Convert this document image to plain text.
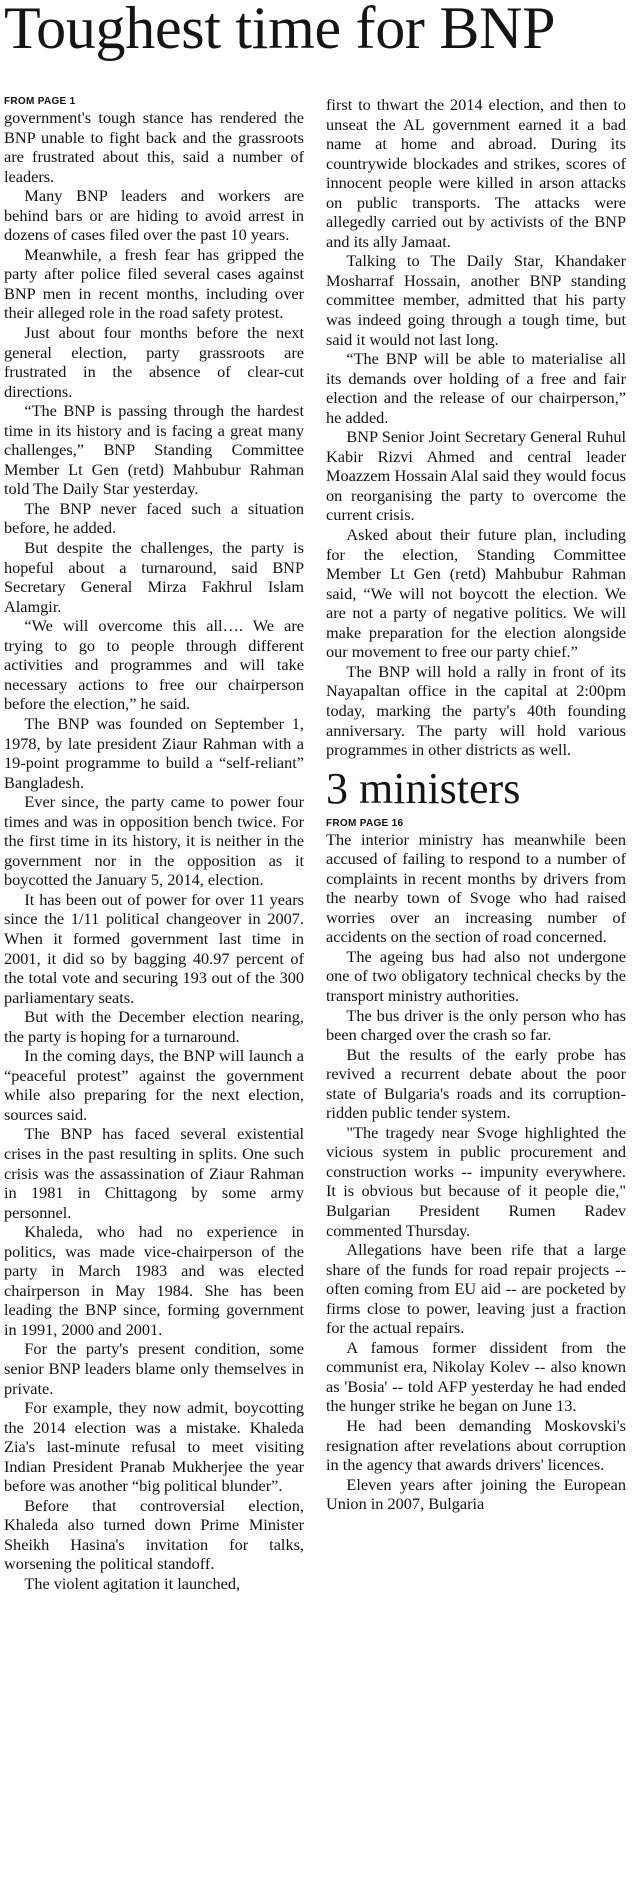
Toughest time for BNP
FROM PAGE 1

government's tough stance has rendered the BNP unable to fight back and the grassroots are frustrated about this, said a number of leaders.

Many BNP leaders and workers are behind bars or are hiding to avoid arrest in dozens of cases filed over the past 10 years.

Meanwhile, a fresh fear has gripped the party after police filed several cases against BNP men in recent months, including over their alleged role in the road safety protest.

Just about four months before the next general election, party grassroots are frustrated in the absence of clear-cut directions.

“The BNP is passing through the hardest time in its history and is facing a great many challenges,” BNP Standing Committee Member Lt Gen (retd) Mahbubur Rahman told The Daily Star yesterday.

The BNP never faced such a situation before, he added.

But despite the challenges, the party is hopeful about a turnaround, said BNP Secretary General Mirza Fakhrul Islam Alamgir.

“We will overcome this all…. We are trying to go to people through different activities and programmes and will take necessary actions to free our chairperson before the election,” he said.

The BNP was founded on September 1, 1978, by late president Ziaur Rahman with a 19-point programme to build a “self-reliant” Bangladesh.

Ever since, the party came to power four times and was in opposition bench twice. For the first time in its history, it is neither in the government nor in the opposition as it boycotted the January 5, 2014, election.

It has been out of power for over 11 years since the 1/11 political changeover in 2007. When it formed government last time in 2001, it did so by bagging 40.97 percent of the total vote and securing 193 out of the 300 parliamentary seats.

But with the December election nearing, the party is hoping for a turnaround.

In the coming days, the BNP will launch a “peaceful protest” against the government while also preparing for the next election, sources said.

The BNP has faced several existential crises in the past resulting in splits. One such crisis was the assassination of Ziaur Rahman in 1981 in Chittagong by some army personnel.

Khaleda, who had no experience in politics, was made vice-chairperson of the party in March 1983 and was elected chairperson in May 1984. She has been leading the BNP since, forming government in 1991, 2000 and 2001.

For the party's present condition, some senior BNP leaders blame only themselves in private.

For example, they now admit, boycotting the 2014 election was a mistake. Khaleda Zia's last-minute refusal to meet visiting Indian President Pranab Mukherjee the year before was another “big political blunder”.

Before that controversial election, Khaleda also turned down Prime Minister Sheikh Hasina's invitation for talks, worsening the political standoff.

The violent agitation it launched,

first to thwart the 2014 election, and then to unseat the AL government earned it a bad name at home and abroad. During its countrywide blockades and strikes, scores of innocent people were killed in arson attacks on public transports. The attacks were allegedly carried out by activists of the BNP and its ally Jamaat.

Talking to The Daily Star, Khandaker Mosharraf Hossain, another BNP standing committee member, admitted that his party was indeed going through a tough time, but said it would not last long.

“The BNP will be able to materialise all its demands over holding of a free and fair election and the release of our chairperson,” he added.

BNP Senior Joint Secretary General Ruhul Kabir Rizvi Ahmed and central leader Moazzem Hossain Alal said they would focus on reorganising the party to overcome the current crisis.

Asked about their future plan, including for the election, Standing Committee Member Lt Gen (retd) Mahbubur Rahman said, “We will not boycott the election. We are not a party of negative politics. We will make preparation for the election alongside our movement to free our party chief.”

The BNP will hold a rally in front of its Nayapaltan office in the capital at 2:00pm today, marking the party's 40th founding anniversary. The party will hold various programmes in other districts as well.

3 ministers
FROM PAGE 16

The interior ministry has meanwhile been accused of failing to respond to a number of complaints in recent months by drivers from the nearby town of Svoge who had raised worries over an increasing number of accidents on the section of road concerned.

The ageing bus had also not undergone one of two obligatory technical checks by the transport ministry authorities.

The bus driver is the only person who has been charged over the crash so far.

But the results of the early probe has revived a recurrent debate about the poor state of Bulgaria's roads and its corruption-ridden public tender system.

"The tragedy near Svoge highlighted the vicious system in public procurement and construction works -- impunity everywhere. It is obvious but because of it people die," Bulgarian President Rumen Radev commented Thursday.

Allegations have been rife that a large share of the funds for road repair projects -- often coming from EU aid -- are pocketed by firms close to power, leaving just a fraction for the actual repairs.

A famous former dissident from the communist era, Nikolay Kolev -- also known as 'Bosia' -- told AFP yesterday he had ended the hunger strike he began on June 13.

He had been demanding Moskovski's resignation after revelations about corruption in the agency that awards drivers' licences.

Eleven years after joining the European Union in 2007, Bulgaria
